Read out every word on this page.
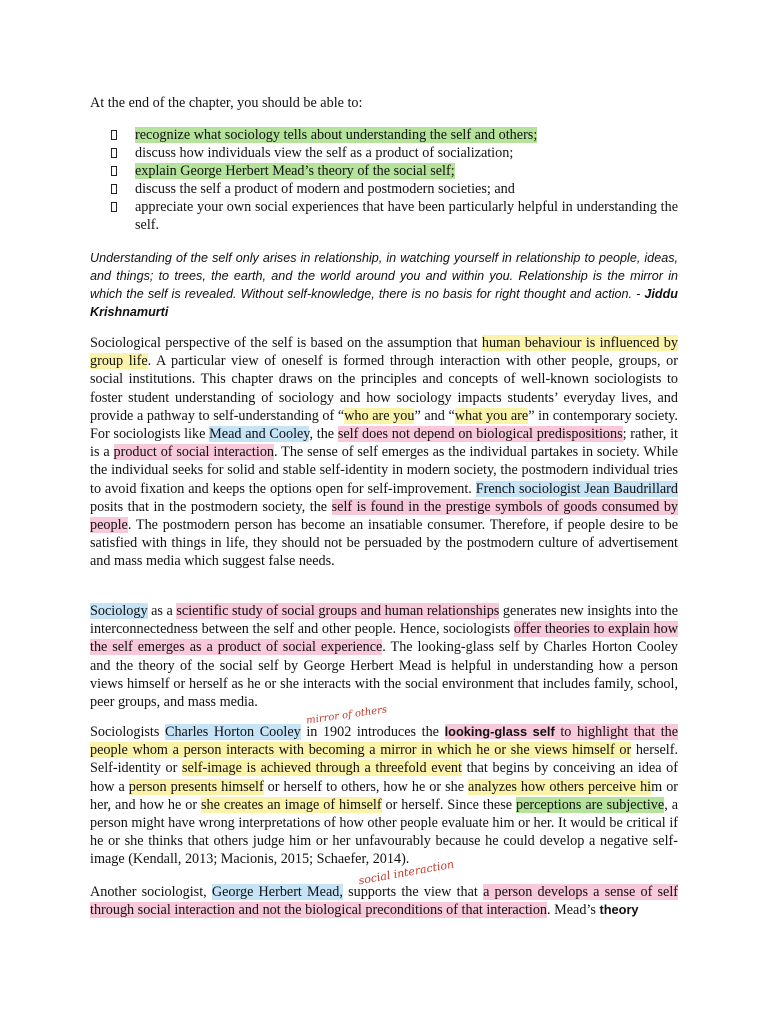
At the end of the chapter, you should be able to:
recognize what sociology tells about understanding the self and others;
discuss how individuals view the self as a product of socialization;
explain George Herbert Mead’s theory of the social self;
discuss the self a product of modern and postmodern societies; and
appreciate your own social experiences that have been particularly helpful in understanding the self.
Understanding of the self only arises in relationship, in watching yourself in relationship to people, ideas, and things; to trees, the earth, and the world around you and within you. Relationship is the mirror in which the self is revealed. Without self-knowledge, there is no basis for right thought and action. - Jiddu Krishnamurti

Sociological perspective of the self is based on the assumption that human behaviour is influenced by group life. A particular view of oneself is formed through interaction with other people, groups, or social institutions. This chapter draws on the principles and concepts of well-known sociologists to foster student understanding of sociology and how sociology impacts students’ everyday lives, and provide a pathway to self-understanding of “who are you” and “what you are” in contemporary society. For sociologists like Mead and Cooley, the self does not depend on biological predispositions; rather, it is a product of social interaction. The sense of self emerges as the individual partakes in society. While the individual seeks for solid and stable self-identity in modern society, the postmodern individual tries to avoid fixation and keeps the options open for self-improvement. French sociologist Jean Baudrillard posits that in the postmodern society, the self is found in the prestige symbols of goods consumed by people. The postmodern person has become an insatiable consumer. Therefore, if people desire to be satisfied with things in life, they should not be persuaded by the postmodern culture of advertisement and mass media which suggest false needs.

Sociology as a scientific study of social groups and human relationships generates new insights into the interconnectedness between the self and other people. Hence, sociologists offer theories to explain how the self emerges as a product of social experience. The looking-glass self by Charles Horton Cooley and the theory of the social self by George Herbert Mead is helpful in understanding how a person views himself or herself as he or she interacts with the social environment that includes family, school, peer groups, and mass media.

Sociologists Charles Horton Cooley in 1902 introduces the looking-glass self to highlight that the people whom a person interacts with becoming a mirror in which he or she views himself or herself. Self-identity or self-image is achieved through a threefold event that begins by conceiving an idea of how a person presents himself or herself to others, how he or she analyzes how others perceive him or her, and how he or she creates an image of himself or herself. Since these perceptions are subjective, a person might have wrong interpretations of how other people evaluate him or her. It would be critical if he or she thinks that others judge him or her unfavourably because he could develop a negative self-image (Kendall, 2013; Macionis, 2015; Schaefer, 2014).

Another sociologist, George Herbert Mead, supports the view that a person develops a sense of self through social interaction and not the biological preconditions of that interaction. Mead’s theory

mirror of others
social interaction
